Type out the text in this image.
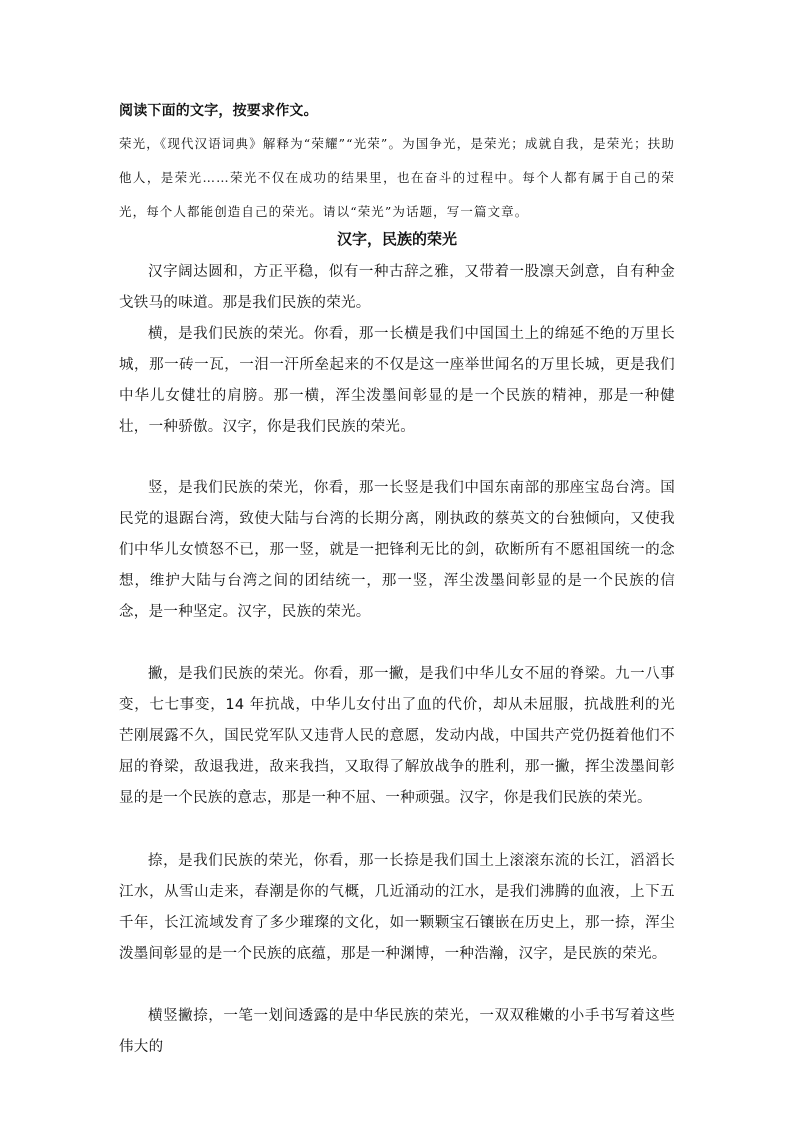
阅读下面的文字，按要求作文。
荣光，《现代汉语词典》解释为“荣耀”“光荣”。为国争光，是荣光；成就自我，是荣光；扶助他人，是荣光……荣光不仅在成功的结果里，也在奋斗的过程中。每个人都有属于自己的荣光，每个人都能创造自己的荣光。请以“荣光”为话题，写一篇文章。
汉字，民族的荣光

汉字阔达圆和，方正平稳，似有一种古辞之雅，又带着一股凛天剑意，自有种金戈铁马的味道。那是我们民族的荣光。

横，是我们民族的荣光。你看，那一长横是我们中国国土上的绵延不绝的万里长城，那一砖一瓦，一泪一汗所垒起来的不仅是这一座举世闻名的万里长城，更是我们中华儿女健壮的肩膀。那一横，浑尘泼墨间彰显的是一个民族的精神，那是一种健壮，一种骄傲。汉字，你是我们民族的荣光。

竖，是我们民族的荣光，你看，那一长竖是我们中国东南部的那座宝岛台湾。国民党的退踞台湾，致使大陆与台湾的长期分离，刚执政的蔡英文的台独倾向，又使我们中华儿女愤怒不已，那一竖，就是一把锋利无比的剑，砍断所有不愿祖国统一的念想，维护大陆与台湾之间的团结统一，那一竖，浑尘泼墨间彰显的是一个民族的信念，是一种坚定。汉字，民族的荣光。

撇，是我们民族的荣光。你看，那一撇，是我们中华儿女不屈的脊梁。九一八事变，七七事变，14 年抗战，中华儿女付出了血的代价，却从未屈服，抗战胜利的光芒刚展露不久，国民党军队又违背人民的意愿，发动内战，中国共产党仍挺着他们不屈的脊梁，敌退我进，敌来我挡，又取得了解放战争的胜利，那一撇，挥尘泼墨间彰显的是一个民族的意志，那是一种不屈、一种顽强。汉字，你是我们民族的荣光。

捺，是我们民族的荣光，你看，那一长捺是我们国土上滚滚东流的长江，滔滔长江水，从雪山走来，春潮是你的气概，几近涌动的江水，是我们沸腾的血液，上下五千年，长江流域发育了多少璀璨的文化，如一颗颗宝石镶嵌在历史上，那一捺，浑尘泼墨间彰显的是一个民族的底蕴，那是一种渊博，一种浩瀚，汉字，是民族的荣光。

横竖撇捺，一笔一划间透露的是中华民族的荣光，一双双稚嫩的小手书写着这些伟大的
